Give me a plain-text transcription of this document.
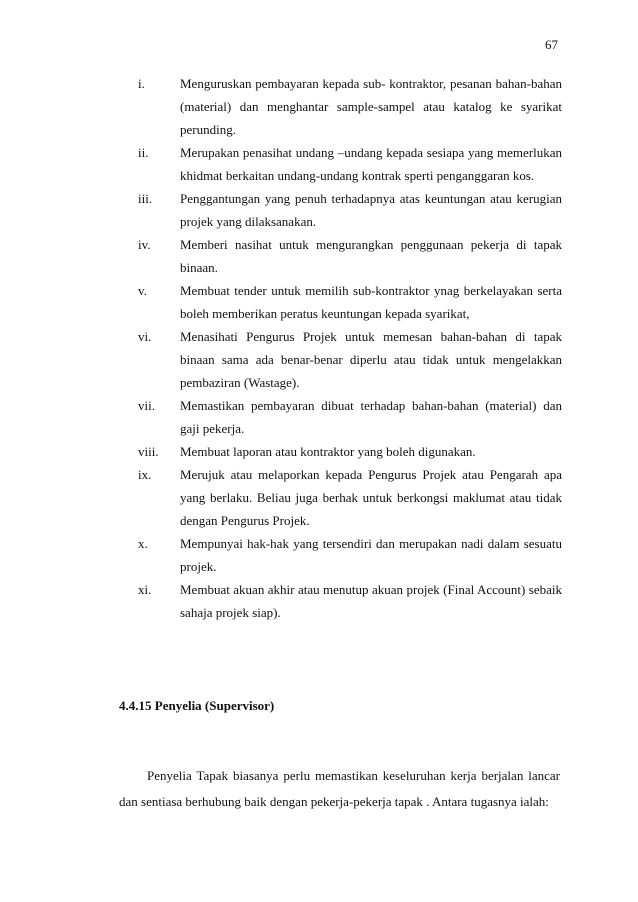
67
i.	Menguruskan pembayaran kepada sub- kontraktor, pesanan bahan-bahan (material) dan menghantar sample-sampel atau katalog ke syarikat perunding.
ii. Merupakan penasihat undang –undang kepada sesiapa yang memerlukan khidmat berkaitan undang-undang kontrak sperti penganggaran kos.
iii. Penggantungan yang penuh terhadapnya atas keuntungan atau kerugian projek yang dilaksanakan.
iv. Memberi nasihat untuk mengurangkan penggunaan pekerja di tapak binaan.
v.	Membuat tender untuk memilih sub-kontraktor ynag berkelayakan serta boleh memberikan peratus keuntungan kepada syarikat,
vi. Menasihati Pengurus Projek untuk memesan bahan-bahan di tapak binaan sama ada benar-benar diperlu atau tidak untuk mengelakkan pembaziran (Wastage).
vii. Memastikan pembayaran dibuat terhadap bahan-bahan (material) dan gaji pekerja.
viii. Membuat laporan atau kontraktor yang boleh digunakan.
ix. Merujuk atau melaporkan kepada Pengurus Projek atau Pengarah apa yang berlaku. Beliau juga berhak untuk berkongsi maklumat atau tidak dengan Pengurus Projek.
x. Mempunyai hak-hak yang tersendiri dan merupakan nadi dalam sesuatu projek.
xi. Membuat akuan akhir atau menutup akuan projek (Final Account) sebaik sahaja projek siap).
4.4.15 Penyelia (Supervisor)
Penyelia Tapak biasanya perlu memastikan keseluruhan kerja berjalan lancar dan sentiasa berhubung baik dengan pekerja-pekerja tapak . Antara tugasnya ialah:
